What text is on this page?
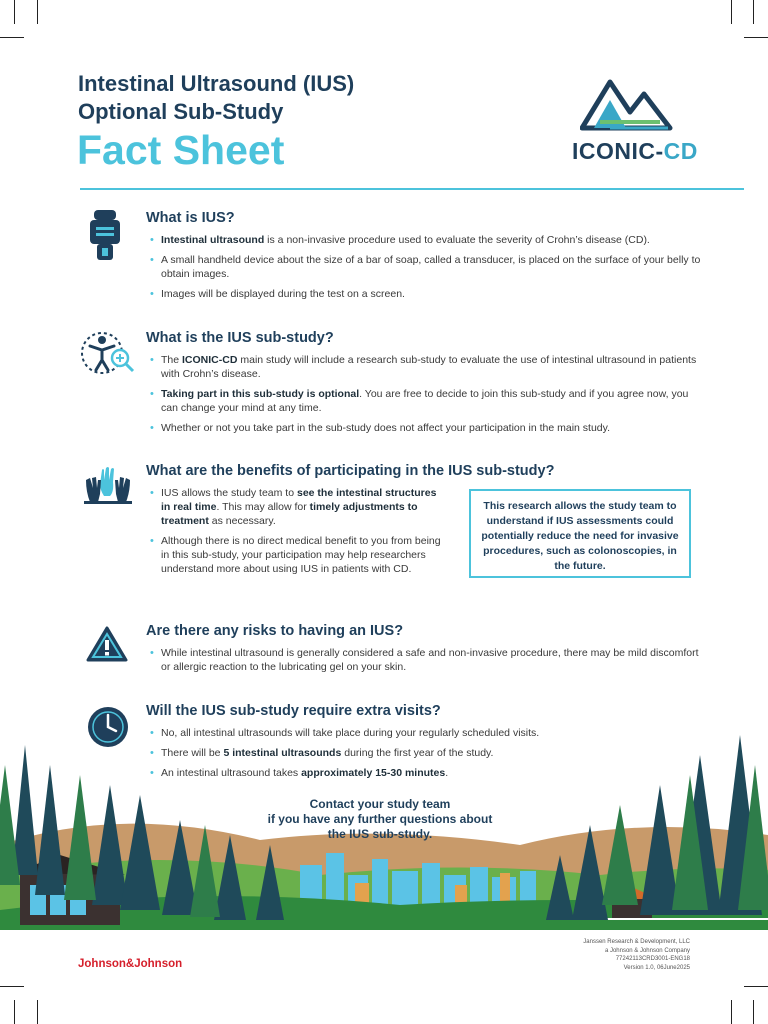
Intestinal Ultrasound (IUS)
Optional Sub-Study
Fact Sheet	ICONIC-CD
What is IUS?
• Intestinal ultrasound is a non-invasive procedure used to evaluate the severity of Crohn’s disease (CD).
• A small handheld device about the size of a bar of soap, called a transducer, is placed on the surface of your belly to obtain images.
• Images will be displayed during the test on a screen.
What is the IUS sub-study?
• The ICONIC-CD main study will include a research sub-study to evaluate the use of intestinal ultrasound in patients with Crohn’s disease.
• Taking part in this sub-study is optional. You are free to decide to join this sub-study and if you agree now, you can change your mind at any time.
• Whether or not you take part in the sub-study does not affect your participation in the main study.
What are the benefits of participating in the IUS sub-study?
• IUS allows the study team to see the intestinal structures in real time. This may allow for timely adjustments to treatment as necessary.
• Although there is no direct medical benefit to you from being in this sub-study, your participation may help researchers understand more about using IUS in patients with CD.
Are there any risks to having an IUS?
• While intestinal ultrasound is generally considered a safe and non-invasive procedure, there may be mild discomfort or allergic reaction to the lubricating gel on your skin.
Will the IUS sub-study require extra visits?
• No, all intestinal ultrasounds will take place during your regularly scheduled visits.
• There will be 5 intestinal ultrasounds during the first year of the study.
• An intestinal ultrasound takes approximately 15-30 minutes.
This research allows the study team to understand if IUS assessments could potentially reduce the need for invasive procedures, such as colonoscopies, in the future.
Contact your study team
if you have any further questions about
the IUS sub-study.
Johnson&Johnson
Janssen Research & Development, LLC
a Johnson & Johnson Company
77242113CRD3001-ENG18
Version 1.0, 06June2025
